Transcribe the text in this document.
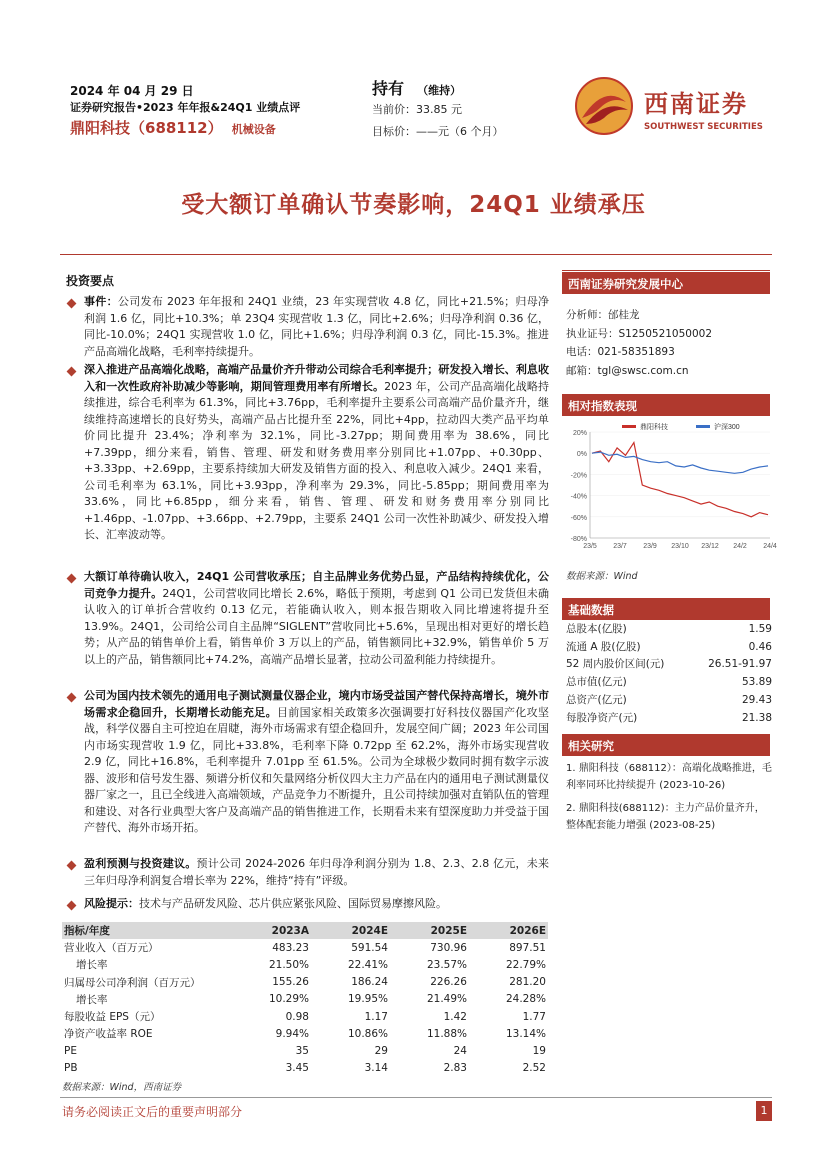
2024 年 04 月 29 日
证券研究报告•2023 年年报&24Q1 业绩点评
鼎阳科技（688112） 机械设备
持有 （维持）
当前价：33.85 元
目标价：——元（6 个月）
西南证券
SOUTHWEST SECURITIES
受大额订单确认节奏影响，24Q1 业绩承压
投资要点
事件：公司发布 2023 年年报和 24Q1 业绩，23 年实现营收 4.8 亿，同比+21.5%；归母净利润 1.6 亿，同比+10.3%；单 23Q4 实现营收 1.3 亿，同比+2.6%；归母净利润 0.36 亿，同比-10.0%；24Q1 实现营收 1.0 亿，同比+1.6%；归母净利润 0.3 亿，同比-15.3%。推进产品高端化战略，毛利率持续提升。
深入推进产品高端化战略，高端产品量价齐升带动公司综合毛利率提升；研发投入增长、利息收入和一次性政府补助减少等影响，期间管理费用率有所增长。2023 年，公司产品高端化战略持续推进，综合毛利率为 61.3%，同比+3.76pp，毛利率提升主要系公司高端产品价量齐升，继续维持高速增长的良好势头，高端产品占比提升至 22%，同比+4pp，拉动四大类产品平均单价同比提升 23.4%；净利率为 32.1%，同比-3.27pp；期间费用率为 38.6%，同比+7.39pp，细分来看，销售、管理、研发和财务费用率分别同比+1.07pp、+0.30pp、+3.33pp、+2.69pp，主要系持续加大研发及销售方面的投入、利息收入减少。24Q1 来看，公司毛利率为 63.1%，同比+3.93pp，净利率为 29.3%，同比-5.85pp；期间费用率为 33.6%，同比+6.85pp，细分来看，销售、管理、研发和财务费用率分别同比+1.46pp、-1.07pp、+3.66pp、+2.79pp，主要系 24Q1 公司一次性补助减少、研发投入增长、汇率波动等。
大额订单待确认收入，24Q1 公司营收承压；自主品牌业务优势凸显，产品结构持续优化，公司竞争力提升。24Q1，公司营收同比增长 2.6%，略低于预期，考虑到 Q1 公司已发货但未确认收入的订单折合营收约 0.13 亿元，若能确认收入，则本报告期收入同比增速将提升至 13.9%。24Q1，公司给公司自主品牌“SIGLENT”营收同比+5.6%，呈现出相对更好的增长趋势；从产品的销售单价上看，销售单价 3 万以上的产品，销售额同比+32.9%，销售单价 5 万以上的产品，销售额同比+74.2%，高端产品增长显著，拉动公司盈利能力持续提升。
公司为国内技术领先的通用电子测试测量仪器企业，境内市场受益国产替代保持高增长，境外市场需求企稳回升，长期增长动能充足。目前国家相关政策多次强调要打好科技仪器国产化攻坚战，科学仪器自主可控迫在眉睫，海外市场需求有望企稳回升，发展空间广阔；2023 年公司国内市场实现营收 1.9 亿，同比+33.8%，毛利率下降 0.72pp 至 62.2%，海外市场实现营收 2.9 亿，同比+16.8%，毛利率提升 7.01pp 至 61.5%。公司为全球极少数同时拥有数字示波器、波形和信号发生器、频谱分析仪和矢量网络分析仪四大主力产品在内的通用电子测试测量仪器厂家之一，且已全线进入高端领域，产品竞争力不断提升，且公司持续加强对直销队伍的管理和建设、对各行业典型大客户及高端产品的销售推进工作，长期看未来有望深度助力并受益于国产替代、海外市场开拓。
盈利预测与投资建议。预计公司 2024-2026 年归母净利润分别为 1.8、2.3、2.8 亿元，未来三年归母净利润复合增长率为 22%，维持“持有”评级。
风险提示：技术与产品研发风险、芯片供应紧张风险、国际贸易摩擦风险。
指标/年度	2023A	2024E	2025E	2026E
营业收入（百万元）	483.23	591.54	730.96	897.51
增长率	21.50%	22.41%	23.57%	22.79%
归属母公司净利润（百万元）	155.26	186.24	226.26	281.20
增长率	10.29%	19.95%	21.49%	24.28%
每股收益 EPS（元）	0.98	1.17	1.42	1.77
净资产收益率 ROE	9.94%	10.86%	11.88%	13.14%
PE	35	29	24	19
PB	3.45	3.14	2.83	2.52
数据来源：Wind，西南证券
西南证券研究发展中心
分析师：邰桂龙
执业证号：S1250521050002
电话：021-58351893
邮箱：tgl@swsc.com.cn
相对指数表现
20%
0%
-20%
-40%
-60%
-80%
23/5 23/7 23/9 23/10 23/12 24/2 24/4
鼎阳科技	沪深300
数据来源：Wind
基础数据
总股本(亿股)	1.59
流通 A 股(亿股)	0.46
52 周内股价区间(元)	26.51-91.97
总市值(亿元)	53.89
总资产(亿元)	29.43
每股净资产(元)	21.38
相关研究
1. 鼎阳科技（688112）：高端化战略推进，毛利率同环比持续提升 (2023-10-26)
2. 鼎阳科技(688112)：主力产品价量齐升，整体配套能力增强 (2023-08-25)
请务必阅读正文后的重要声明部分	1
